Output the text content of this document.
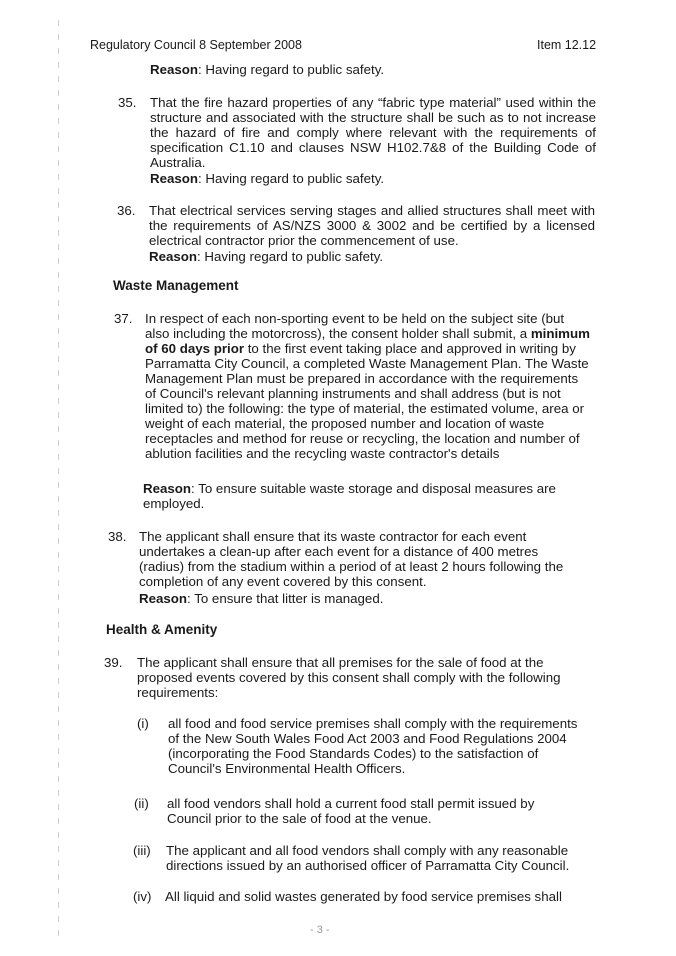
Regulatory Council 8 September 2008	Item 12.12
Reason: Having regard to public safety.
35. That the fire hazard properties of any “fabric type material” used within the structure and associated with the structure shall be such as to not increase the hazard of fire and comply where relevant with the requirements of specification C1.10 and clauses NSW H102.7&8 of the Building Code of Australia.
Reason: Having regard to public safety.
36. That electrical services serving stages and allied structures shall meet with the requirements of AS/NZS 3000 & 3002 and be certified by a licensed electrical contractor prior the commencement of use.
Reason: Having regard to public safety.
Waste Management
37. In respect of each non-sporting event to be held on the subject site (but also including the motorcross), the consent holder shall submit, a minimum of 60 days prior to the first event taking place and approved in writing by Parramatta City Council, a completed Waste Management Plan. The Waste Management Plan must be prepared in accordance with the requirements of Council's relevant planning instruments and shall address (but is not limited to) the following: the type of material, the estimated volume, area or weight of each material, the proposed number and location of waste receptacles and method for reuse or recycling, the location and number of ablution facilities and the recycling waste contractor's details
Reason: To ensure suitable waste storage and disposal measures are employed.
38. The applicant shall ensure that its waste contractor for each event undertakes a clean-up after each event for a distance of 400 metres (radius) from the stadium within a period of at least 2 hours following the completion of any event covered by this consent.
Reason: To ensure that litter is managed.
Health & Amenity
39. The applicant shall ensure that all premises for the sale of food at the proposed events covered by this consent shall comply with the following requirements:
(i) all food and food service premises shall comply with the requirements of the New South Wales Food Act 2003 and Food Regulations 2004 (incorporating the Food Standards Codes) to the satisfaction of Council's Environmental Health Officers.
(ii) all food vendors shall hold a current food stall permit issued by Council prior to the sale of food at the venue.
(iii) The applicant and all food vendors shall comply with any reasonable directions issued by an authorised officer of Parramatta City Council.
(iv) All liquid and solid wastes generated by food service premises shall
- 3 -
